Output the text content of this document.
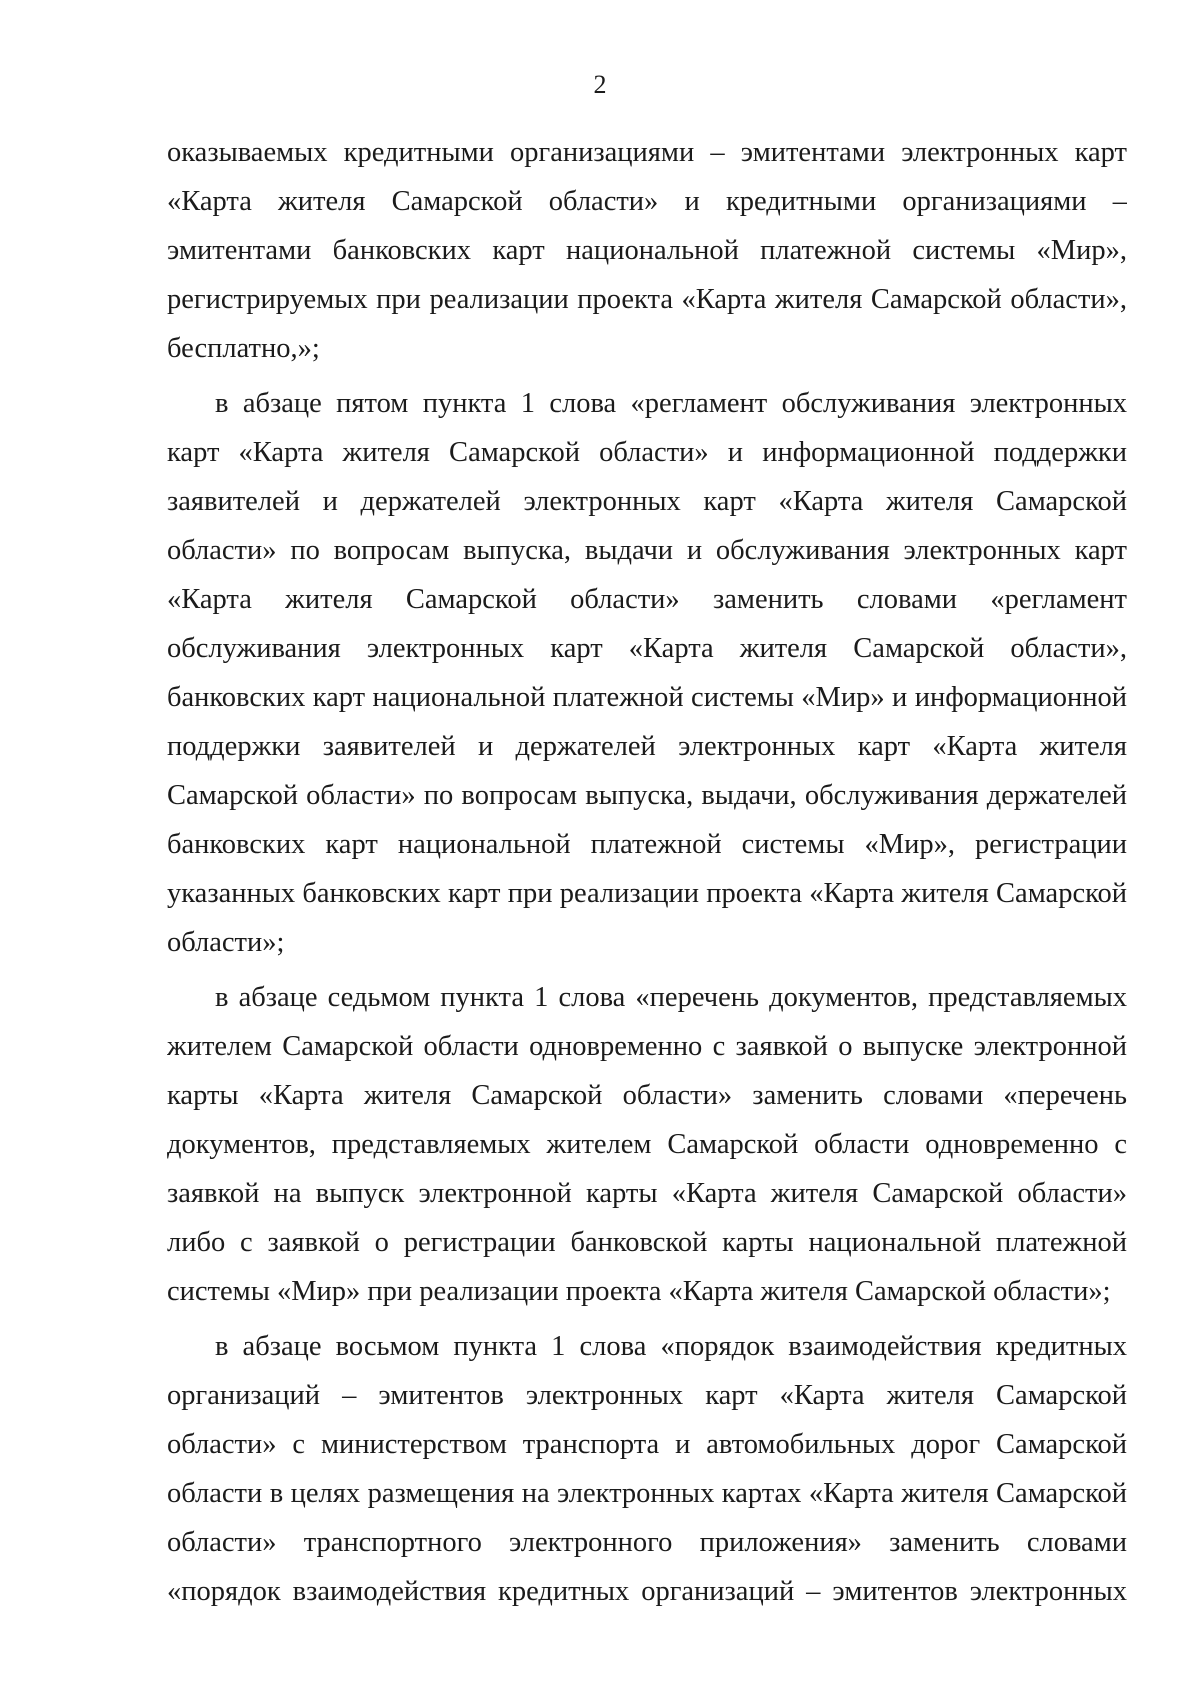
2
оказываемых кредитными организациями – эмитентами электронных карт
«Карта жителя Самарской области» и кредитными организациями –
эмитентами банковских карт национальной платежной системы «Мир»,
регистрируемых при реализации проекта «Карта жителя Самарской области»,
бесплатно,»;
в абзаце пятом пункта 1 слова «регламент обслуживания электронных
карт «Карта жителя Самарской области» и информационной поддержки
заявителей и держателей электронных карт «Карта жителя Самарской
области» по вопросам выпуска, выдачи и обслуживания электронных карт
«Карта жителя Самарской области» заменить словами «регламент
обслуживания электронных карт «Карта жителя Самарской области»,
банковских карт национальной платежной системы «Мир» и информационной
поддержки заявителей и держателей электронных карт «Карта жителя
Самарской области» по вопросам выпуска, выдачи, обслуживания держателей
банковских карт национальной платежной системы «Мир», регистрации
указанных банковских карт при реализации проекта «Карта жителя Самарской
области»;
в абзаце седьмом пункта 1 слова «перечень документов, представляемых
жителем Самарской области одновременно с заявкой о выпуске электронной
карты «Карта жителя Самарской области» заменить словами «перечень
документов, представляемых жителем Самарской области одновременно с
заявкой на выпуск электронной карты «Карта жителя Самарской области»
либо с заявкой о регистрации банковской карты национальной платежной
системы «Мир» при реализации проекта «Карта жителя Самарской области»;
в абзаце восьмом пункта 1 слова «порядок взаимодействия кредитных
организаций – эмитентов электронных карт «Карта жителя Самарской
области» с министерством транспорта и автомобильных дорог Самарской
области в целях размещения на электронных картах «Карта жителя Самарской
области» транспортного электронного приложения» заменить словами
«порядок взаимодействия кредитных организаций – эмитентов электронных
